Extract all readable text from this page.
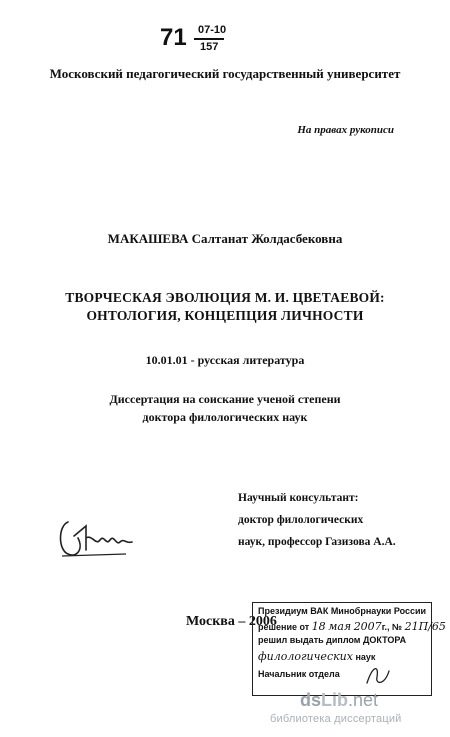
71 07-10
157
Московский педагогический государственный университет
На правах рукописи
МАКАШЕВА Салтанат Жолдасбековна
ТВОРЧЕСКАЯ ЭВОЛЮЦИЯ М. И. ЦВЕТАЕВОЙ:
ОНТОЛОГИЯ, КОНЦЕПЦИЯ ЛИЧНОСТИ
10.01.01 - русская литература
Диссертация на соискание ученой степени
доктора филологических наук
Научный консультант:
доктор филологических
наук, профессор Газизова А.А.
Москва – 2006
Президиум ВАК Минобрнауки России
решение от 18 мая 2007г., № 21П/65
решил выдать диплом ДОКТОРА
филологических наук
Начальник отдела
dsLib.net
библиотека диссертаций
